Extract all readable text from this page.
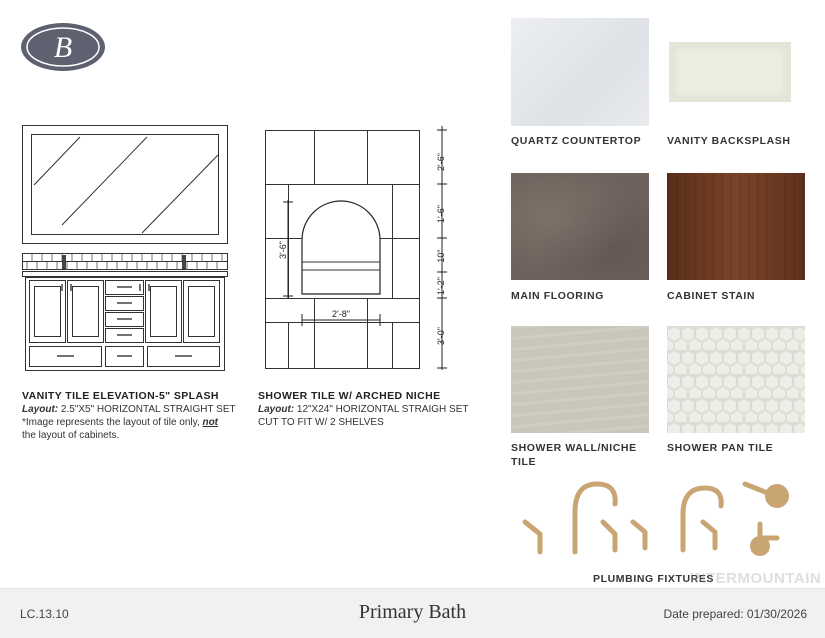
B
VANITY TILE ELEVATION-5" SPLASH
Layout: 2.5"X5" HORIZONTAL STRAIGHT SET
*Image represents the layout of tile only, not
the layout of cabinets.
2'-6"
1'-6"
10"
1'-2"
3'-0"
3'-6"
2'-8"
SHOWER TILE W/ ARCHED NICHE
Layout: 12"X24" HORIZONTAL STRAIGH SET
CUT TO FIT W/ 2 SHELVES
QUARTZ COUNTERTOP VANITY BACKSPLASH
MAIN FLOORING	CABINET STAIN
SHOWER WALL/NICHE
TILE
SHOWER PAN TILE
PLUMBING FIXTURES
INTERMOUNTAIN
LC.13.10	Primary Bath	Date prepared: 01/30/2026
